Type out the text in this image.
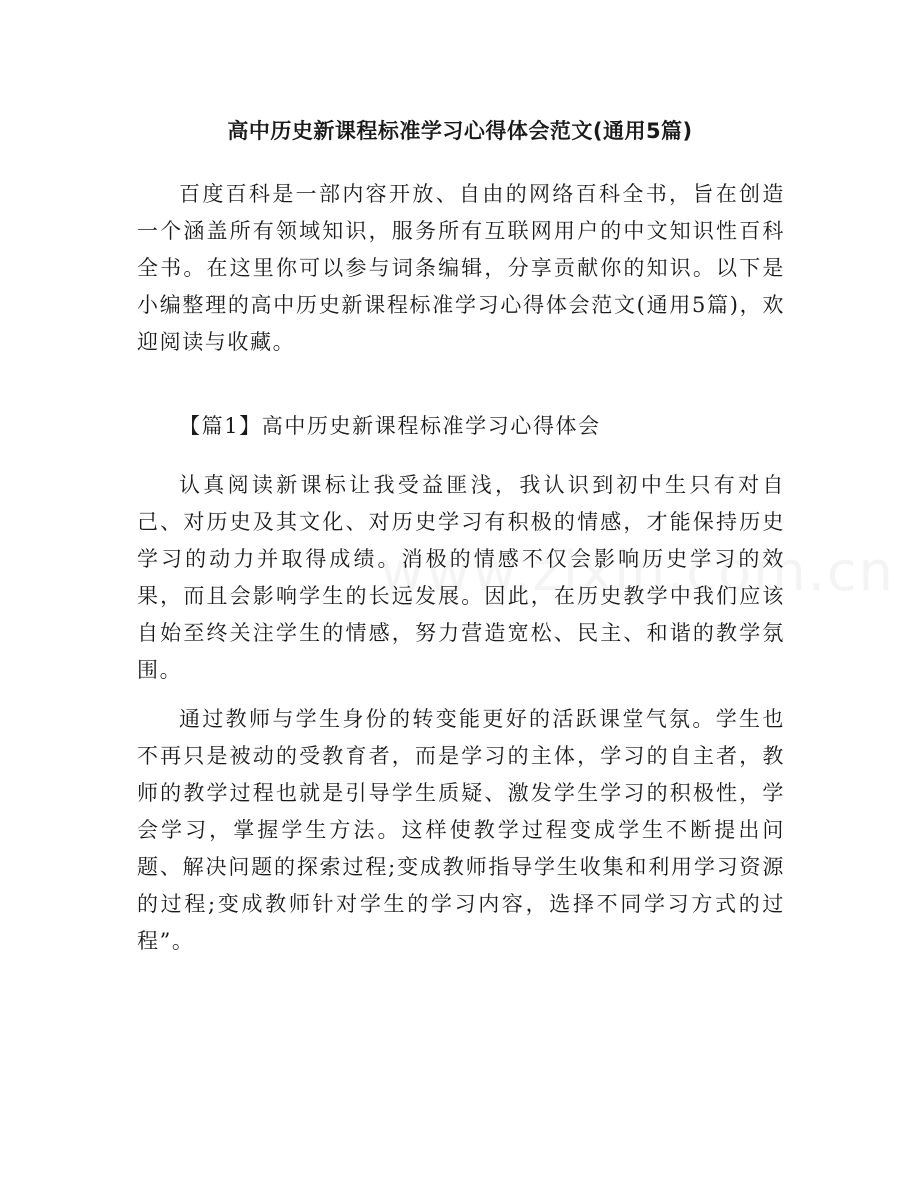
高中历史新课程标准学习心得体会范文(通用5篇)

百度百科是一部内容开放、自由的网络百科全书，旨在创造一个涵盖所有领域知识，服务所有互联网用户的中文知识性百科全书。在这里你可以参与词条编辑，分享贡献你的知识。以下是小编整理的高中历史新课程标准学习心得体会范文(通用5篇)，欢迎阅读与收藏。

【篇1】高中历史新课程标准学习心得体会

认真阅读新课标让我受益匪浅，我认识到初中生只有对自己、对历史及其文化、对历史学习有积极的情感，才能保持历史学习的动力并取得成绩。消极的情感不仅会影响历史学习的效果，而且会影响学生的长远发展。因此，在历史教学中我们应该自始至终关注学生的情感，努力营造宽松、民主、和谐的教学氛围。

通过教师与学生身份的转变能更好的活跃课堂气氛。学生也不再只是被动的受教育者，而是学习的主体，学习的自主者，教师的教学过程也就是引导学生质疑、激发学生学习的积极性，学会学习，掌握学生方法。这样使教学过程变成学生不断提出问题、解决问题的探索过程;变成教师指导学生收集和利用学习资源的过程;变成教师针对学生的学习内容，选择不同学习方式的过程”。
